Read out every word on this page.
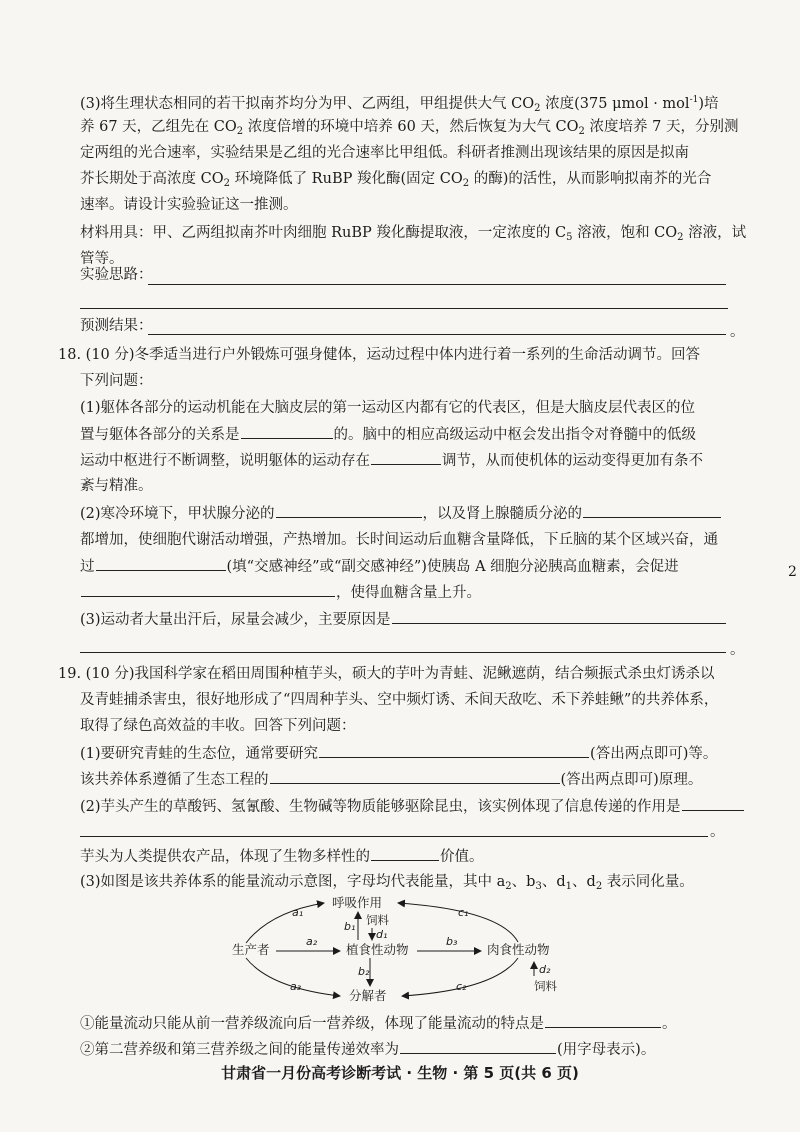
(3)将生理状态相同的若干拟南芥均分为甲、乙两组，甲组提供大气 $CO_2$ 浓度(375 μmol · mol$^{-1}$)培
养 67 天，乙组先在 $CO_2$ 浓度倍增的环境中培养 60 天，然后恢复为大气 $CO_2$ 浓度培养 7 天，分别测
定两组的光合速率，实验结果是乙组的光合速率比甲组低。科研者推测出现该结果的原因是拟南
芥长期处于高浓度 $CO_2$ 环境降低了 RuBP 羧化酶(固定 $CO_2$ 的酶)的活性，从而影响拟南芥的光合
速率。请设计实验验证这一推测。
材料用具：甲、乙两组拟南芥叶肉细胞 RuBP 羧化酶提取液，一定浓度的 $C_5$ 溶液，饱和 $CO_2$ 溶液，试
管等。
实验思路：
预测结果：	。
18. (10 分)冬季适当进行户外锻炼可强身健体，运动过程中体内进行着一系列的生命活动调节。回答
下列问题：
(1)躯体各部分的运动机能在大脑皮层的第一运动区内都有它的代表区，但是大脑皮层代表区的位
置与躯体各部分的关系是	的。脑中的相应高级运动中枢会发出指令对脊髓中的低级
运动中枢进行不断调整，说明躯体的运动存在	调节，从而使机体的运动变得更加有条不
紊与精准。
(2)寒冷环境下，甲状腺分泌的	，以及肾上腺髓质分泌的
都增加，使细胞代谢活动增强，产热增加。长时间运动后血糖含量降低，下丘脑的某个区域兴奋，通
过	(填“交感神经”或“副交感神经”)使胰岛 A 细胞分泌胰高血糖素，会促进
，使得血糖含量上升。
(3)运动者大量出汗后，尿量会减少，主要原因是
。
19. (10 分)我国科学家在稻田周围种植芋头，硕大的芋叶为青蛙、泥鳅遮荫，结合频振式杀虫灯诱杀以
及青蛙捕杀害虫，很好地形成了“四周种芋头、空中频灯诱、禾间天敌吃、禾下养蛙鳅”的共养体系，
取得了绿色高效益的丰收。回答下列问题：
(1)要研究青蛙的生态位，通常要研究	(答出两点即可)等。
该共养体系遵循了生态工程的	(答出两点即可)原理。
(2)芋头产生的草酸钙、氢氰酸、生物碱等物质能够驱除昆虫，该实例体现了信息传递的作用是
。
芋头为人类提供农产品，体现了生物多样性的	价值。
(3)如图是该共养体系的能量流动示意图，字母均代表能量，其中 $a_2$、$b_3$、$d_1$、$d_2$ 表示同化量。
呼吸作用
饲料
生产者	植食性动物	肉食性动物
饲料
分解者
a₁
a₂
a₃
b₁
d₁
b₂
b₃
c₁
c₂
d₂
①能量流动只能从前一营养级流向后一营养级，体现了能量流动的特点是	。
②第二营养级和第三营养级之间的能量传递效率为	(用字母表示)。
2
甘肃省一月份高考诊断考试 · 生物 · 第 5 页(共 6 页)
